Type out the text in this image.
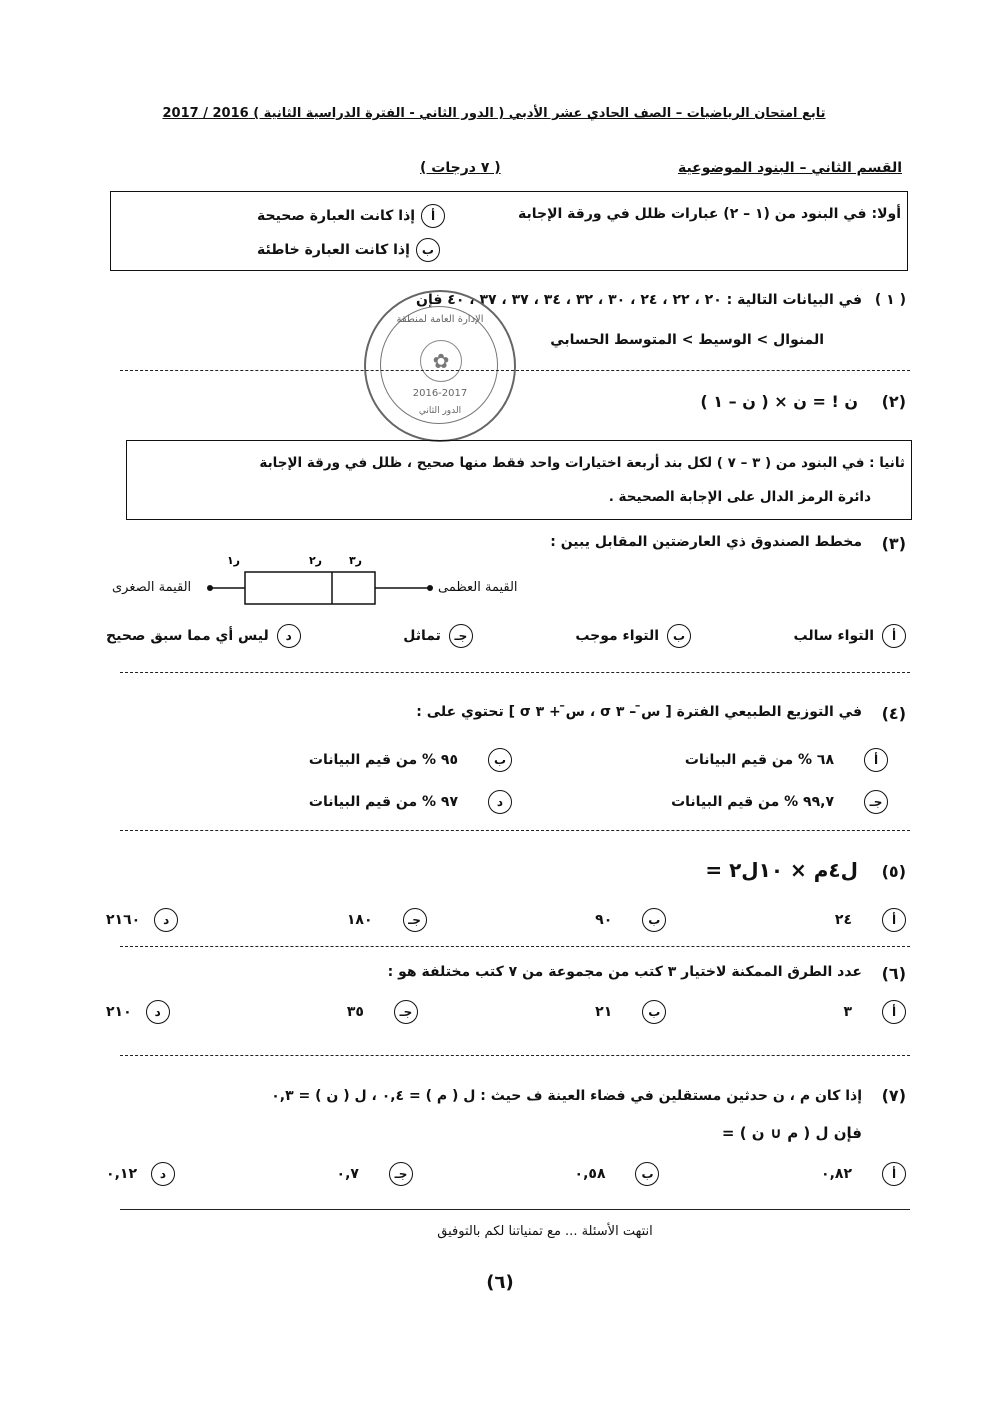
تابع امتحان الرياضيات – الصف الحادي عشر الأدبي ( الدور الثاني - الفترة الدراسية الثانية ) 2016 / 2017
القسم الثاني – البنود الموضوعية
( ٧ درجات )
أولا: في البنود من (١ – ٢) عبارات ظلل في ورقة الإجابة
أ
إذا كانت العبارة صحيحة
ب
إذا كانت العبارة خاطئة
( ١ )
في البيانات التالية : ٢٠ ، ٢٢ ، ٢٤ ، ٣٠ ، ٣٢ ، ٣٤ ، ٣٧ ، ٣٧ ، ٤٠ فإن
المنوال > الوسيط > المتوسط الحسابي
الإدارة العامة لمنطقة
✿
2016-2017
الدور الثاني	(٢)
ن ! = ن × ( ن – ١ )
ثانيا : في البنود من ( ٣ – ٧ ) لكل بند أربعة اختيارات واحد فقط منها صحيح ، ظلل في ورقة الإجابة
دائرة الرمز الدال على الإجابة الصحيحة .
(٣)
مخطط الصندوق ذي العارضتين المقابل يبين :
ر١	ر٢ ر٣
القيمة الصغرى	القيمة العظمى
أ
التواء سالب
ب
التواء موجب
جـ
تماثل
د
ليس أي مما سبق صحيح
(٤)
في التوزيع الطبيعي الفترة [ س̄ – ٣ σ ، س̄ + ٣ σ ] تحتوي على :
أ
٦٨ % من قيم البيانات
ب
٩٥ % من قيم البيانات
جـ
٩٩,٧ % من قيم البيانات
د
٩٧ % من قيم البيانات
(٥)
ل٤م × ١٠ل٢ =
أ
٢٤
ب
٩٠
جـ
١٨٠
د
٢١٦٠
(٦)
عدد الطرق الممكنة لاختيار ٣ كتب من مجموعة من ٧ كتب مختلفة هو :
أ
٣
ب
٢١
جـ
٣٥
د
٢١٠
(٧)
إذا كان م ، ن حدثين مستقلين في فضاء العينة ف حيث : ل ( م ) = ٠,٤ ، ل ( ن ) = ٠,٣
فإن ل ( م ∪ ن ) =
أ
٠,٨٢
ب
٠,٥٨
جـ
٠,٧
د
٠,١٢
انتهت الأسئلة ... مع تمنياتنا لكم بالتوفيق
(٦)
